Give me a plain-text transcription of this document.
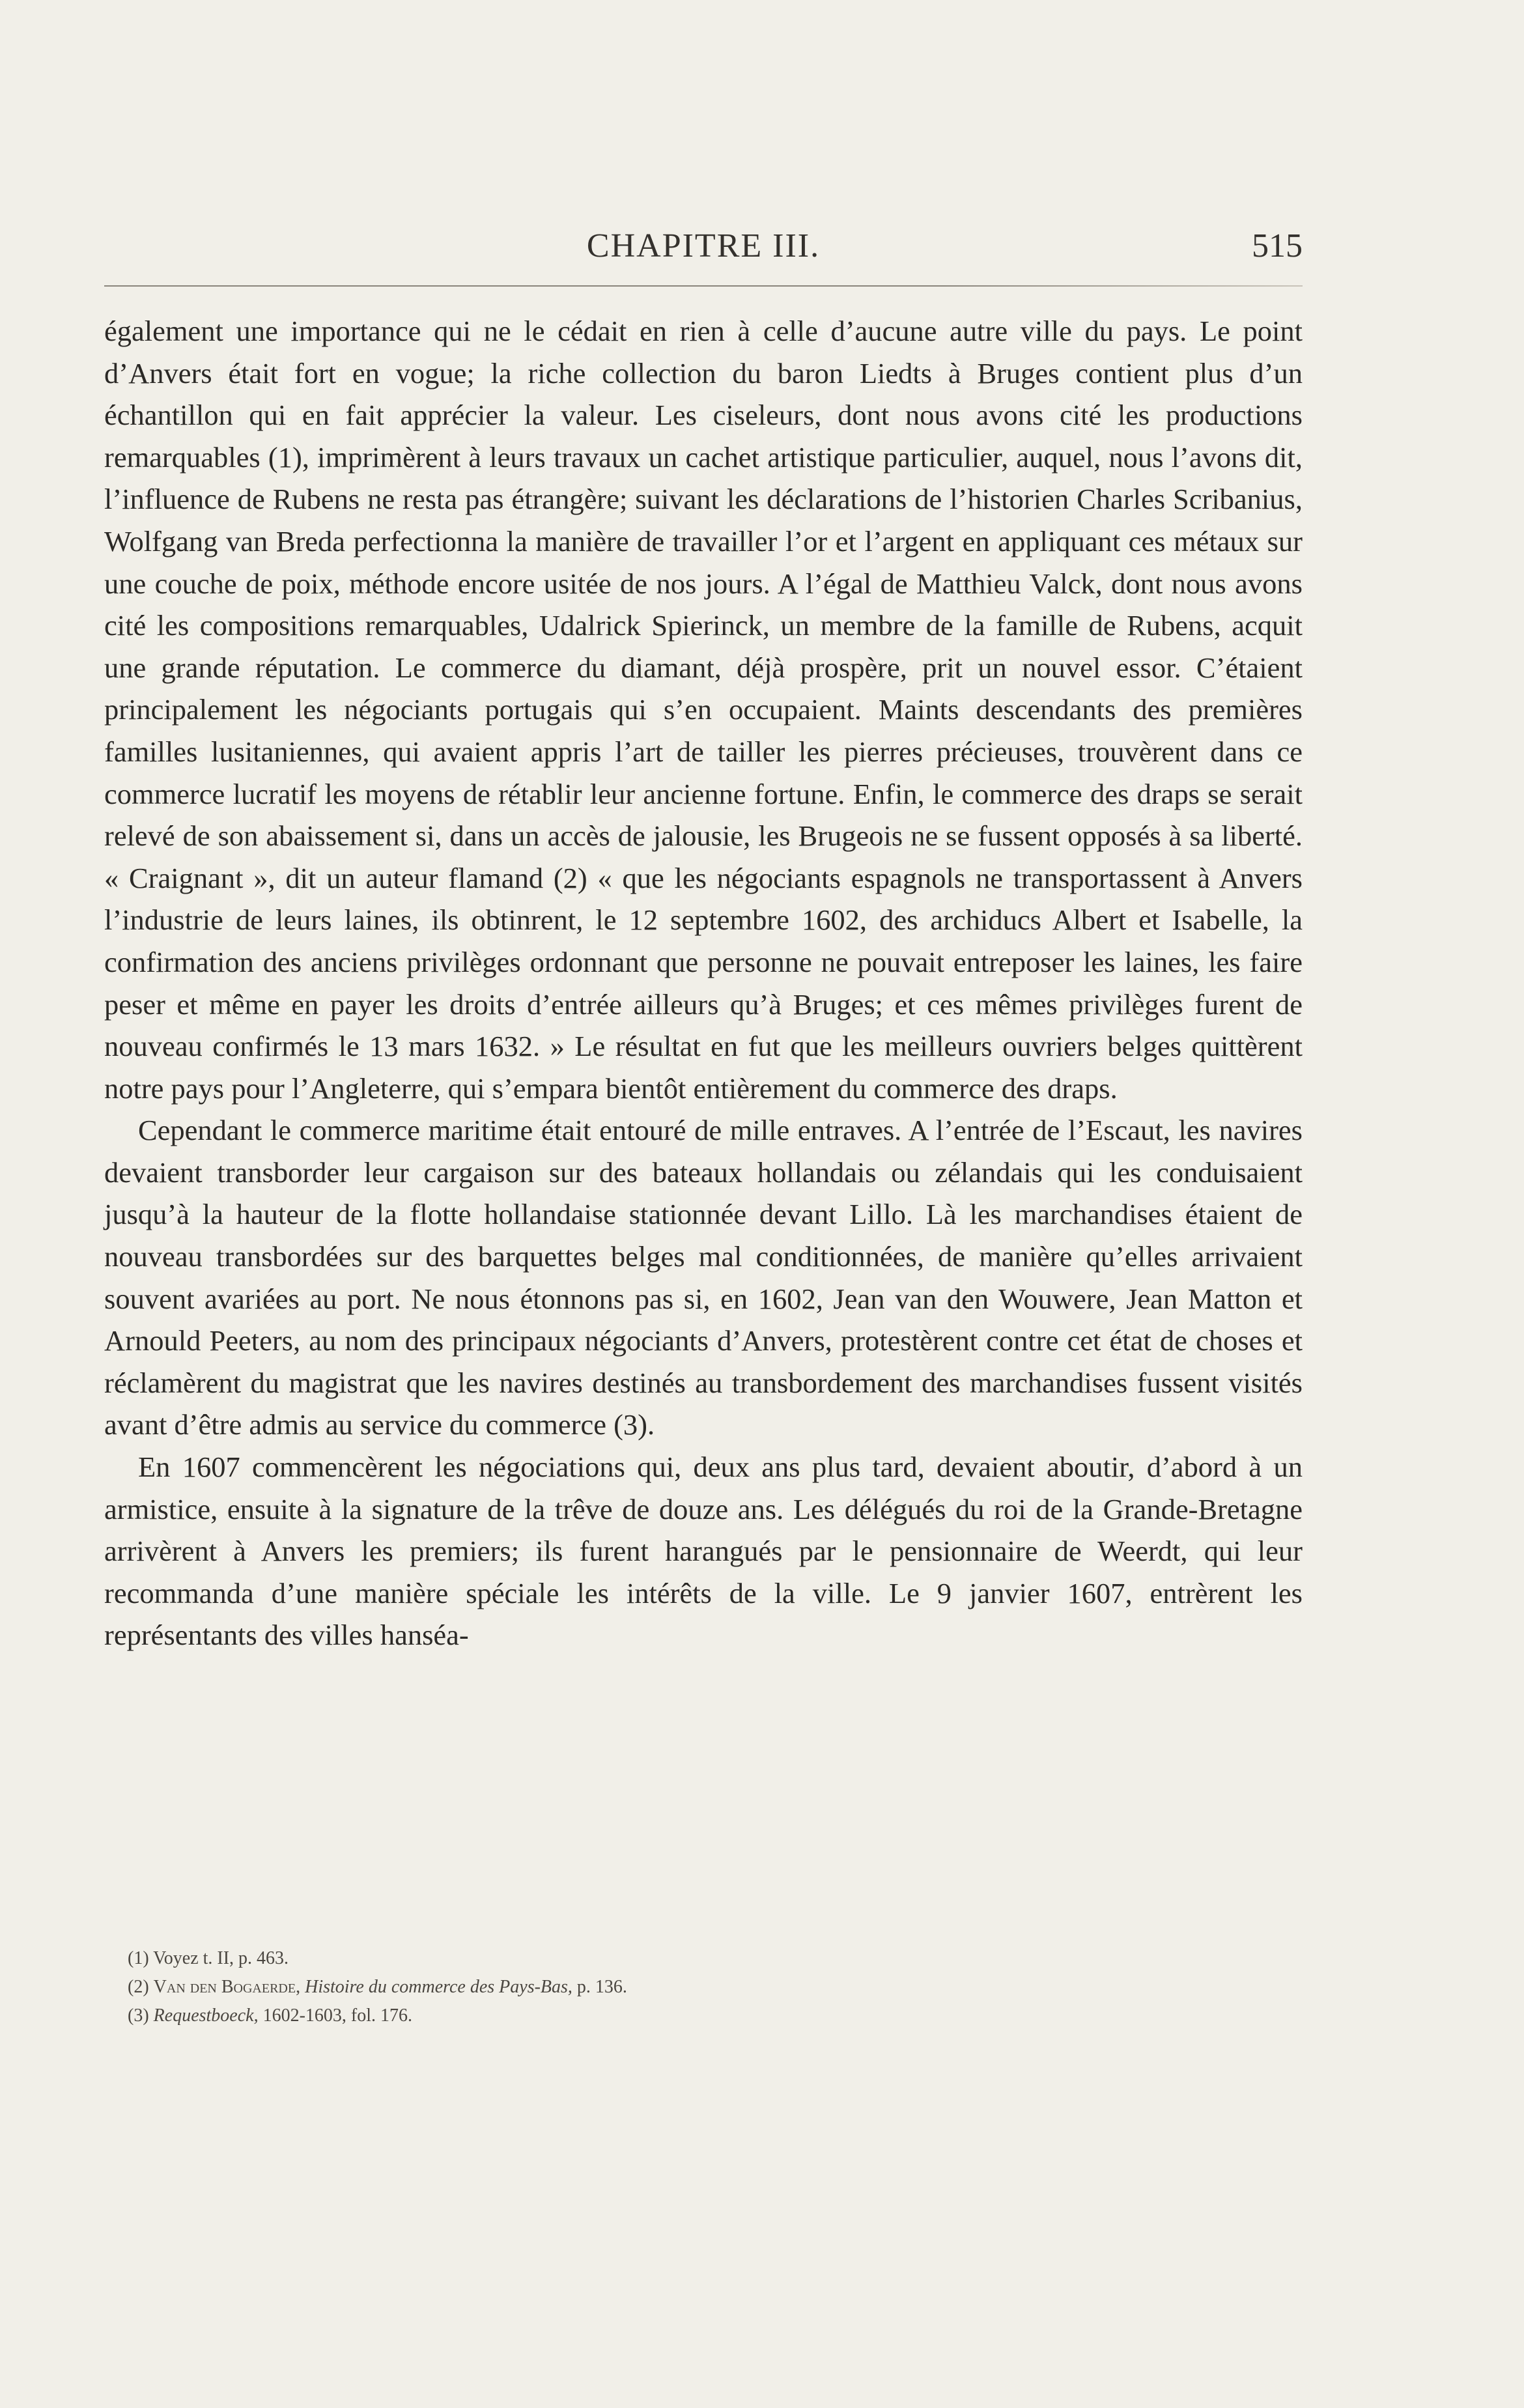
CHAPITRE III.	515

également une importance qui ne le cédait en rien à celle d’aucune autre ville du pays. Le point d’Anvers était fort en vogue; la riche collection du baron Liedts à Bruges contient plus d’un échantillon qui en fait apprécier la valeur. Les ciseleurs, dont nous avons cité les productions remarquables (1), imprimèrent à leurs travaux un cachet artistique particulier, auquel, nous l’avons dit, l’influence de Rubens ne resta pas étrangère; suivant les déclarations de l’historien Charles Scribanius, Wolfgang van Breda perfectionna la manière de travailler l’or et l’argent en appliquant ces métaux sur une couche de poix, méthode encore usitée de nos jours. A l’égal de Matthieu Valck, dont nous avons cité les compositions remarquables, Udalrick Spierinck, un membre de la famille de Rubens, acquit une grande réputation. Le commerce du diamant, déjà prospère, prit un nouvel essor. C’étaient principalement les négociants portugais qui s’en occupaient. Maints descendants des premières familles lusitaniennes, qui avaient appris l’art de tailler les pierres précieuses, trouvèrent dans ce commerce lucratif les moyens de rétablir leur ancienne fortune. Enfin, le commerce des draps se serait relevé de son abaissement si, dans un accès de jalousie, les Brugeois ne se fussent opposés à sa liberté. « Craignant », dit un auteur flamand (2) « que les négociants espagnols ne transportassent à Anvers l’industrie de leurs laines, ils obtinrent, le 12 septembre 1602, des archiducs Albert et Isabelle, la confirmation des anciens privilèges ordonnant que personne ne pouvait entreposer les laines, les faire peser et même en payer les droits d’entrée ailleurs qu’à Bruges; et ces mêmes privilèges furent de nouveau confirmés le 13 mars 1632. » Le résultat en fut que les meilleurs ouvriers belges quittèrent notre pays pour l’Angleterre, qui s’empara bientôt entièrement du commerce des draps.

Cependant le commerce maritime était entouré de mille entraves. A l’entrée de l’Escaut, les navires devaient transborder leur cargaison sur des bateaux hollandais ou zélandais qui les conduisaient jusqu’à la hauteur de la flotte hollandaise stationnée devant Lillo. Là les marchandises étaient de nouveau transbordées sur des barquettes belges mal conditionnées, de manière qu’elles arrivaient souvent avariées au port. Ne nous étonnons pas si, en 1602, Jean van den Wouwere, Jean Matton et Arnould Peeters, au nom des principaux négociants d’Anvers, protestèrent contre cet état de choses et réclamèrent du magistrat que les navires destinés au transbordement des marchandises fussent visités avant d’être admis au service du commerce (3).

En 1607 commencèrent les négociations qui, deux ans plus tard, devaient aboutir, d’abord à un armistice, ensuite à la signature de la trêve de douze ans. Les délégués du roi de la Grande-Bretagne arrivèrent à Anvers les premiers; ils furent harangués par le pensionnaire de Weerdt, qui leur recommanda d’une manière spéciale les intérêts de la ville. Le 9 janvier 1607, entrèrent les représentants des villes hanséa-

(1) Voyez t. II, p. 463.
(2) Van den Bogaerde, Histoire du commerce des Pays-Bas, p. 136.
(3) Requestboeck, 1602-1603, fol. 176.
